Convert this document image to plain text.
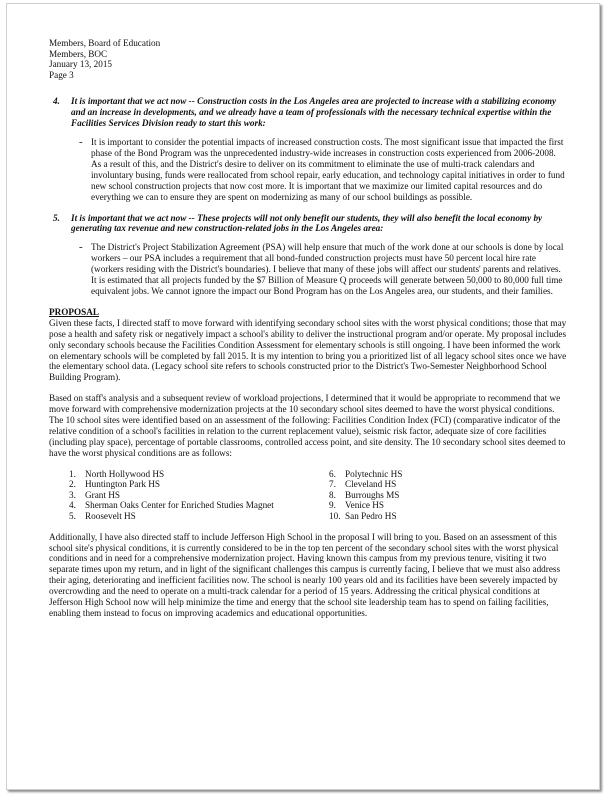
Members, Board of Education
Members, BOC
January 13, 2015
Page 3
4.	It is important that we act now -- Construction costs in the Los Angeles area are projected to increase with a stabilizing economy and an increase in developments, and we already have a team of professionals with the necessary technical expertise within the Facilities Services Division ready to start this work:
- It is important to consider the potential impacts of increased construction costs. The most significant issue that impacted the first phase of the Bond Program was the unprecedented industry-wide increases in construction costs experienced from 2006-2008. As a result of this, and the District's desire to deliver on its commitment to eliminate the use of multi-track calendars and involuntary busing, funds were reallocated from school repair, early education, and technology capital initiatives in order to fund new school construction projects that now cost more. It is important that we maximize our limited capital resources and do everything we can to ensure they are spent on modernizing as many of our school buildings as possible.
5.	It is important that we act now -- These projects will not only benefit our students, they will also benefit the local economy by generating tax revenue and new construction-related jobs in the Los Angeles area:
- The District's Project Stabilization Agreement (PSA) will help ensure that much of the work done at our schools is done by local workers – our PSA includes a requirement that all bond-funded construction projects must have 50 percent local hire rate (workers residing with the District's boundaries). I believe that many of these jobs will affect our students' parents and relatives. It is estimated that all projects funded by the $7 Billion of Measure Q proceeds will generate between 50,000 to 80,000 full time equivalent jobs. We cannot ignore the impact our Bond Program has on the Los Angeles area, our students, and their families.
PROPOSAL

Given these facts, I directed staff to move forward with identifying secondary school sites with the worst physical conditions; those that may pose a health and safety risk or negatively impact a school's ability to deliver the instructional program and/or operate. My proposal includes only secondary schools because the Facilities Condition Assessment for elementary schools is still ongoing. I have been informed the work on elementary schools will be completed by fall 2015. It is my intention to bring you a prioritized list of all legacy school sites once we have the elementary school data. (Legacy school site refers to schools constructed prior to the District's Two-Semester Neighborhood School Building Program).

Based on staff's analysis and a subsequent review of workload projections, I determined that it would be appropriate to recommend that we move forward with comprehensive modernization projects at the 10 secondary school sites deemed to have the worst physical conditions. The 10 school sites were identified based on an assessment of the following: Facilities Condition Index (FCI) (comparative indicator of the relative condition of a school's facilities in relation to the current replacement value), seismic risk factor, adequate size of core facilities (including play space), percentage of portable classrooms, controlled access point, and site density. The 10 secondary school sites deemed to have the worst physical conditions are as follows:

1. North Hollywood HS
2. Huntington Park HS
3. Grant HS
4. Sherman Oaks Center for Enriched Studies Magnet
5. Roosevelt HS
6. Polytechnic HS
7. Cleveland HS
8. Burroughs MS
9. Venice HS
10. San Pedro HS

Additionally, I have also directed staff to include Jefferson High School in the proposal I will bring to you. Based on an assessment of this school site's physical conditions, it is currently considered to be in the top ten percent of the secondary school sites with the worst physical conditions and in need for a comprehensive modernization project. Having known this campus from my previous tenure, visiting it two separate times upon my return, and in light of the significant challenges this campus is currently facing, I believe that we must also address their aging, deteriorating and inefficient facilities now. The school is nearly 100 years old and its facilities have been severely impacted by overcrowding and the need to operate on a multi-track calendar for a period of 15 years. Addressing the critical physical conditions at Jefferson High School now will help minimize the time and energy that the school site leadership team has to spend on failing facilities, enabling them instead to focus on improving academics and educational opportunities.
